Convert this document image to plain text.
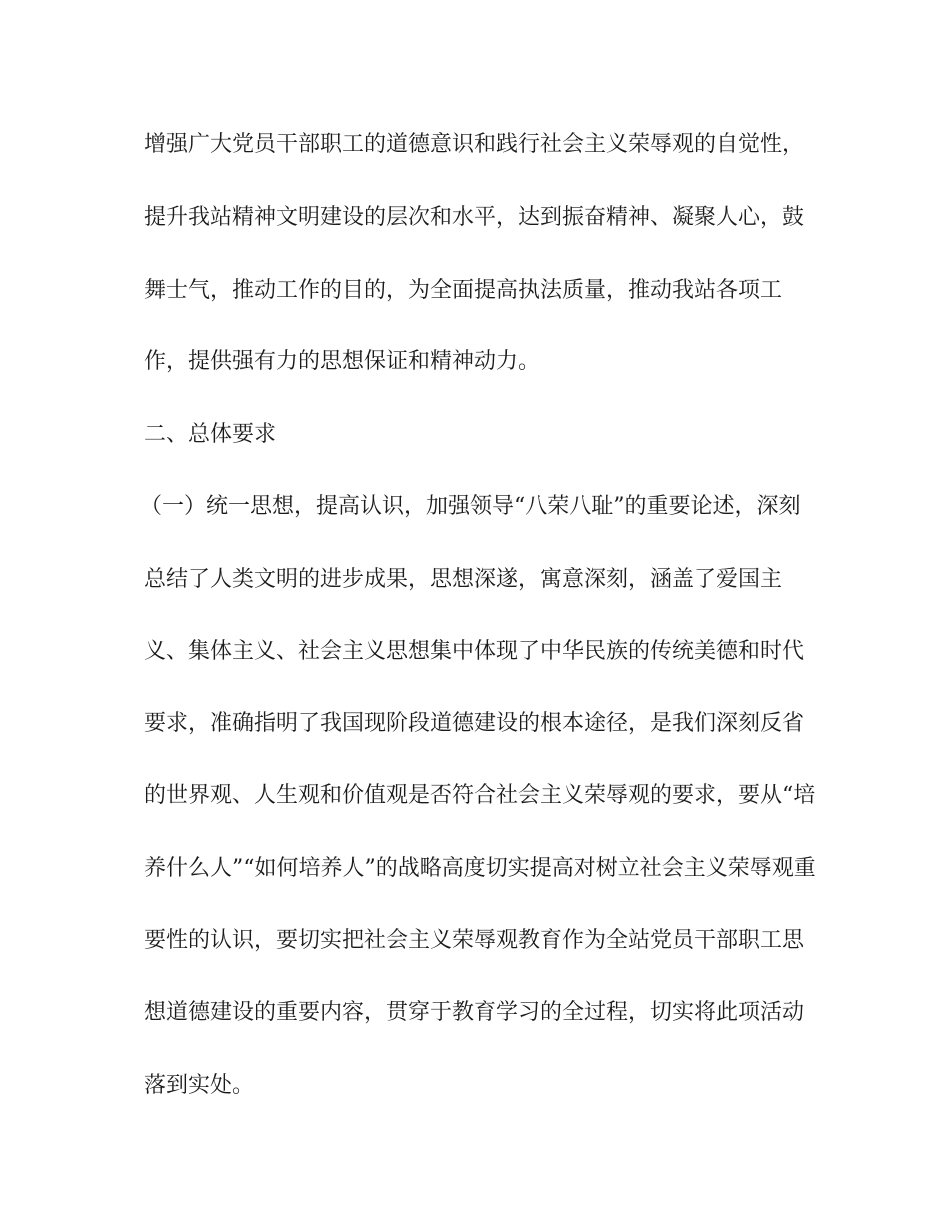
增强广大党员干部职工的道德意识和践行社会主义荣辱观的自觉性，
提升我站精神文明建设的层次和水平，达到振奋精神、凝聚人心，鼓
舞士气，推动工作的目的，为全面提高执法质量，推动我站各项工
作，提供强有力的思想保证和精神动力。
二、总体要求
（一）统一思想，提高认识，加强领导“八荣八耻”的重要论述，深刻
总结了人类文明的进步成果，思想深遂，寓意深刻，涵盖了爱国主
义、集体主义、社会主义思想集中体现了中华民族的传统美德和时代
要求，准确指明了我国现阶段道德建设的根本途径，是我们深刻反省
的世界观、人生观和价值观是否符合社会主义荣辱观的要求，要从“培
养什么人”“如何培养人”的战略高度切实提高对树立社会主义荣辱观重
要性的认识，要切实把社会主义荣辱观教育作为全站党员干部职工思
想道德建设的重要内容，贯穿于教育学习的全过程，切实将此项活动
落到实处。
